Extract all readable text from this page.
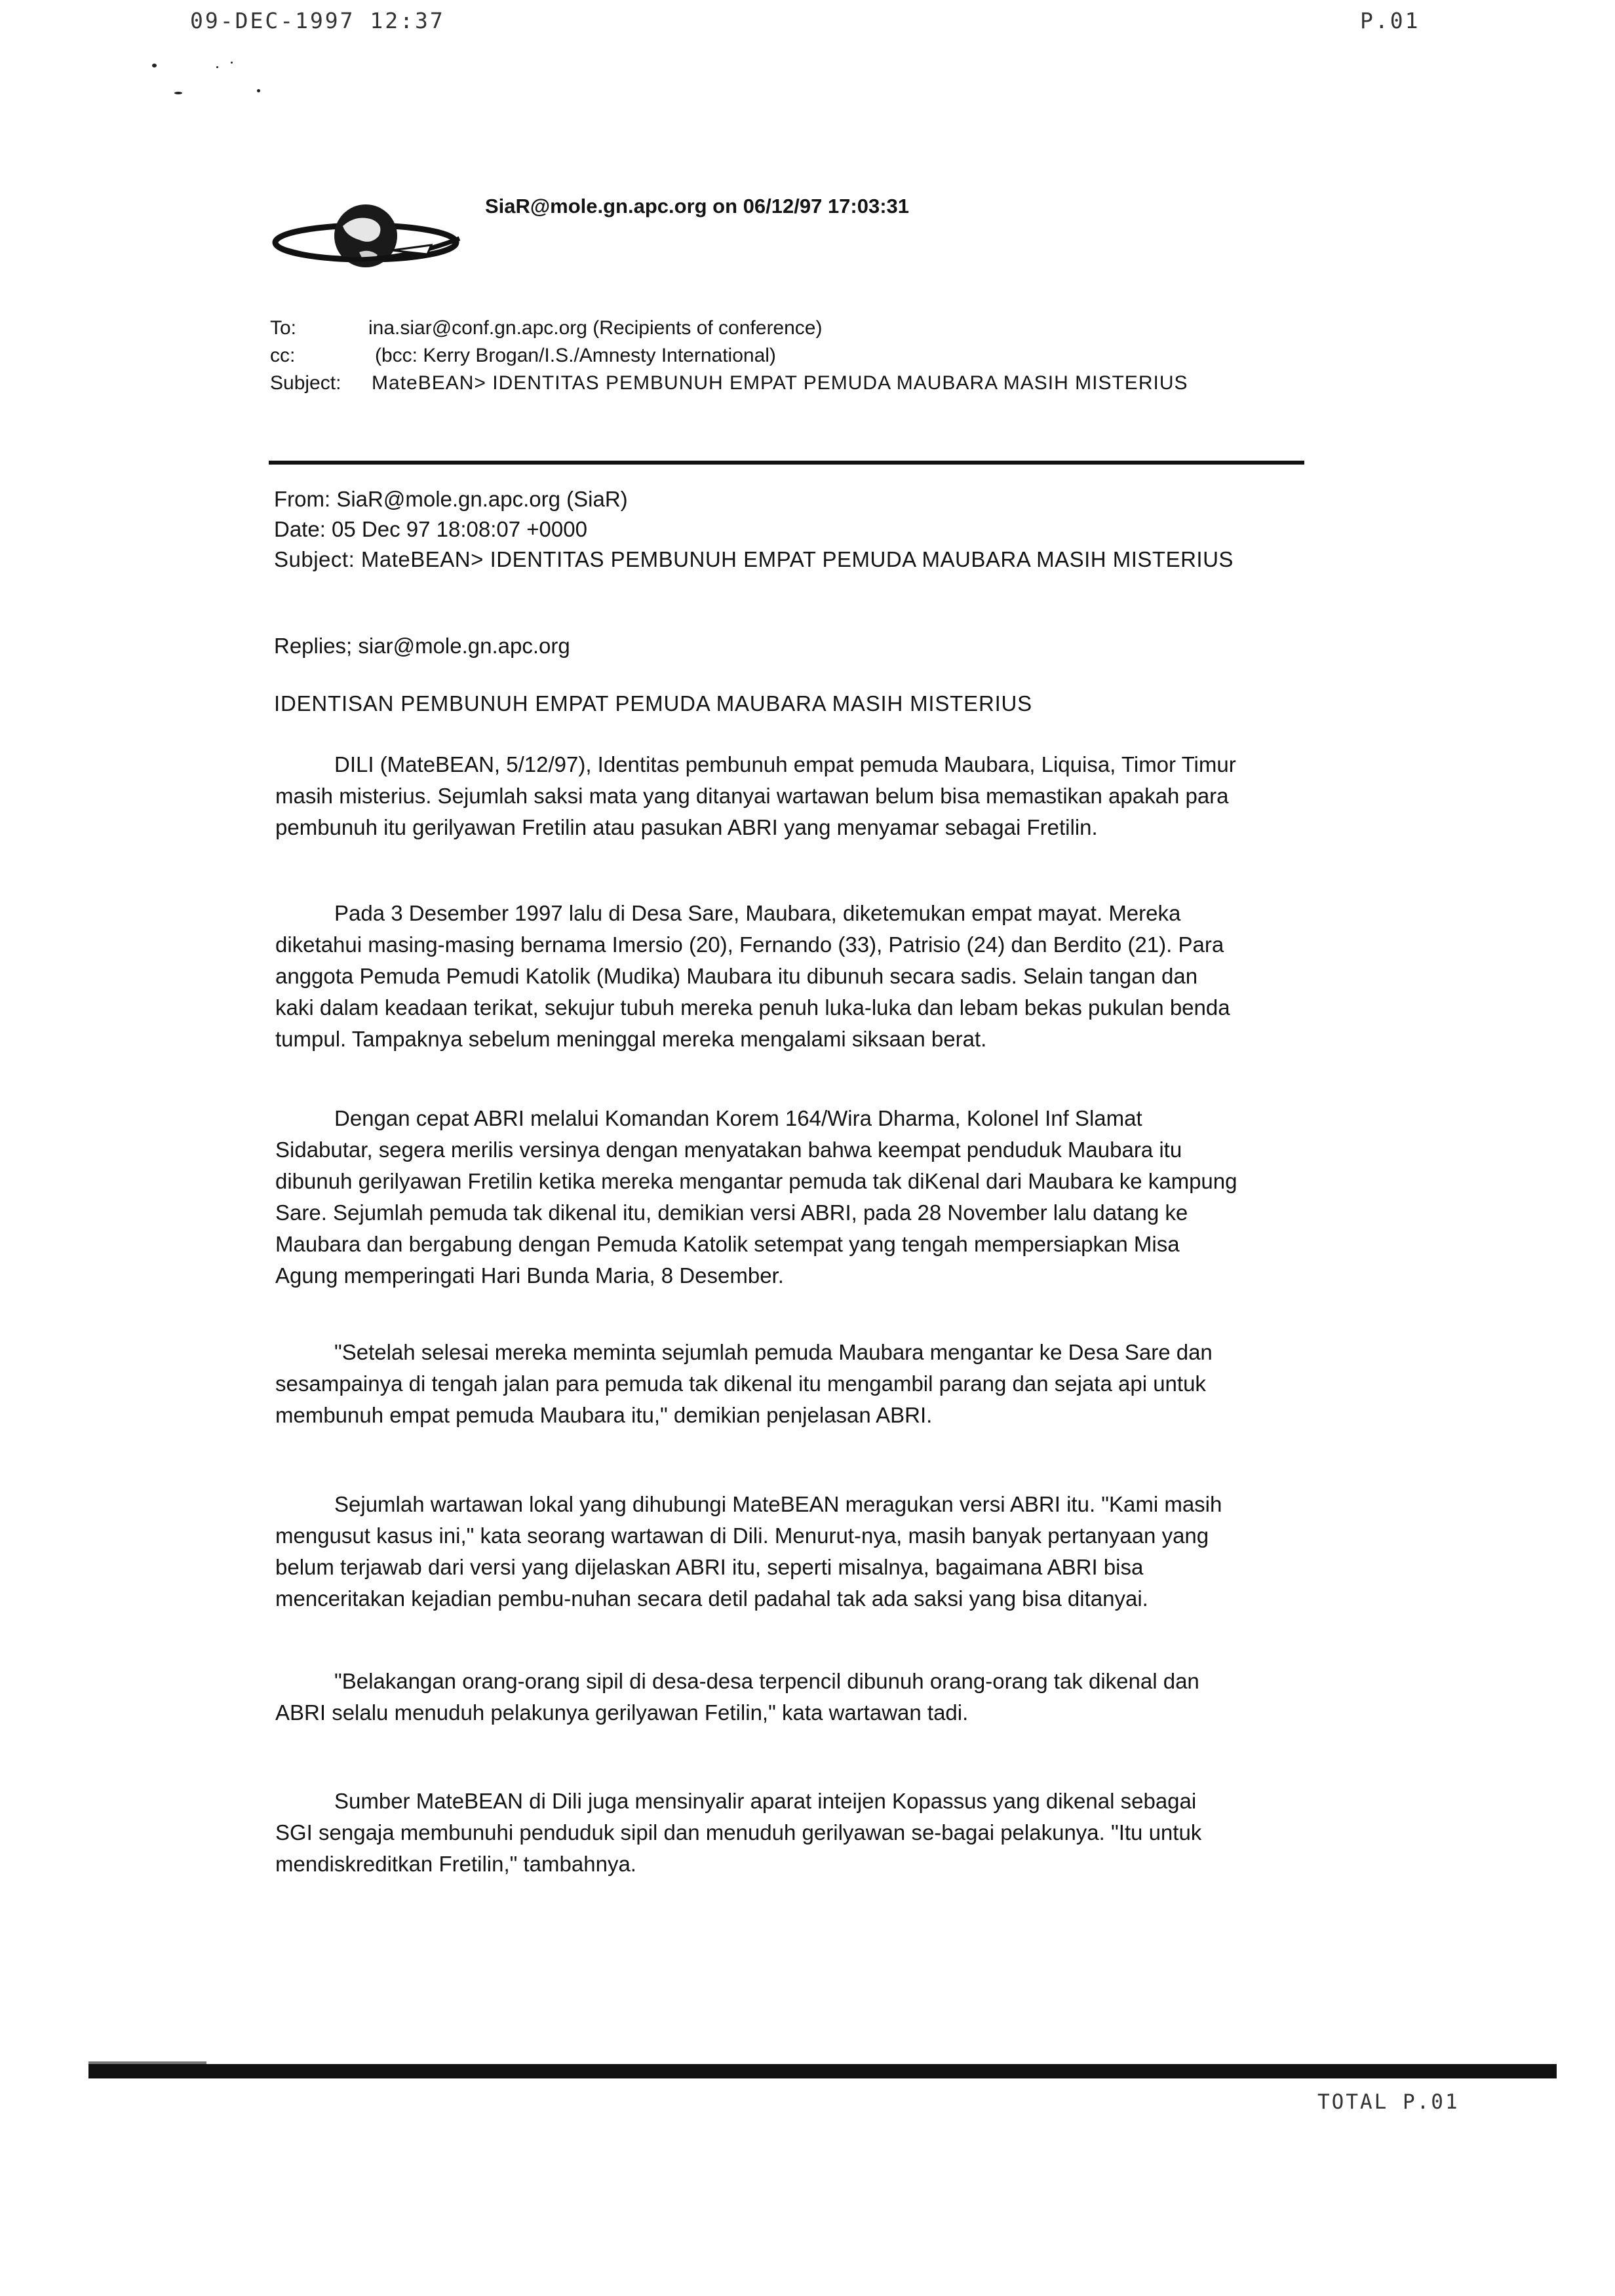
09-DEC-1997 12:37	P.01
SiaR@mole.gn.apc.org on 06/12/97 17:03:31
To:	ina.siar@conf.gn.apc.org (Recipients of conference)
cc:	(bcc: Kerry Brogan/I.S./Amnesty International)
Subject: MateBEAN> IDENTITAS PEMBUNUH EMPAT PEMUDA MAUBARA MASIH MISTERIUS
From: SiaR@mole.gn.apc.org (SiaR)
Date: 05 Dec 97 18:08:07 +0000
Subject: MateBEAN> IDENTITAS PEMBUNUH EMPAT PEMUDA MAUBARA MASIH MISTERIUS
Replies; siar@mole.gn.apc.org
IDENTISAN PEMBUNUH EMPAT PEMUDA MAUBARA MASIH MISTERIUS

DILI (MateBEAN, 5/12/97), Identitas pembunuh empat pemuda Maubara, Liquisa, Timor Timur masih misterius. Sejumlah saksi mata yang ditanyai wartawan belum bisa memastikan apakah para pembunuh itu gerilyawan Fretilin atau pasukan ABRI yang menyamar sebagai Fretilin.

Pada 3 Desember 1997 lalu di Desa Sare, Maubara, diketemukan empat mayat. Mereka diketahui masing-masing bernama Imersio (20), Fernando (33), Patrisio (24) dan Berdito (21). Para anggota Pemuda Pemudi Katolik (Mudika) Maubara itu dibunuh secara sadis. Selain tangan dan kaki dalam keadaan terikat, sekujur tubuh mereka penuh luka-luka dan lebam bekas pukulan benda tumpul. Tampaknya sebelum meninggal mereka mengalami siksaan berat.

Dengan cepat ABRI melalui Komandan Korem 164/Wira Dharma, Kolonel Inf Slamat Sidabutar, segera merilis versinya dengan menyatakan bahwa keempat penduduk Maubara itu dibunuh gerilyawan Fretilin ketika mereka mengantar pemuda tak diKenal dari Maubara ke kampung Sare. Sejumlah pemuda tak dikenal itu, demikian versi ABRI, pada 28 November lalu datang ke Maubara dan bergabung dengan Pemuda Katolik setempat yang tengah mempersiapkan Misa Agung memperingati Hari Bunda Maria, 8 Desember.

"Setelah selesai mereka meminta sejumlah pemuda Maubara mengantar ke Desa Sare dan sesampainya di tengah jalan para pemuda tak dikenal itu mengambil parang dan sejata api untuk membunuh empat pemuda Maubara itu," demikian penjelasan ABRI.

Sejumlah wartawan lokal yang dihubungi MateBEAN meragukan versi ABRI itu. "Kami masih mengusut kasus ini," kata seorang wartawan di Dili. Menurut-nya, masih banyak pertanyaan yang belum terjawab dari versi yang dijelaskan ABRI itu, seperti misalnya, bagaimana ABRI bisa menceritakan kejadian pembu-nuhan secara detil padahal tak ada saksi yang bisa ditanyai.

"Belakangan orang-orang sipil di desa-desa terpencil dibunuh orang-orang tak dikenal dan ABRI selalu menuduh pelakunya gerilyawan Fetilin," kata wartawan tadi.

Sumber MateBEAN di Dili juga mensinyalir aparat inteijen Kopassus yang dikenal sebagai SGI sengaja membunuhi penduduk sipil dan menuduh gerilyawan se-bagai pelakunya. "Itu untuk mendiskreditkan Fretilin," tambahnya.

TOTAL P.01
